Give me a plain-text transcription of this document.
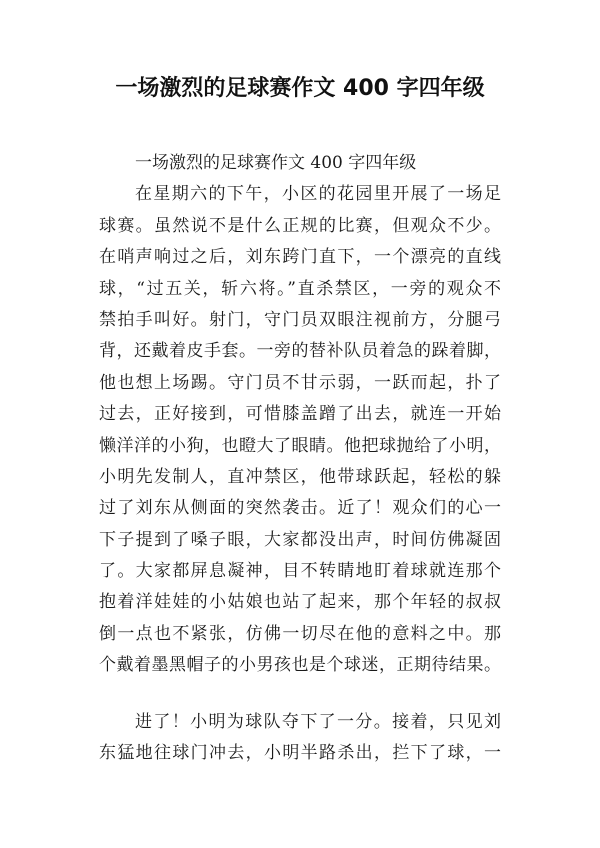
一场激烈的足球赛作文 400 字四年级
一场激烈的足球赛作文 400 字四年级
在星期六的下午，小区的花园里开展了一场足
球赛。虽然说不是什么正规的比赛，但观众不少。
在哨声响过之后，刘东跨门直下，一个漂亮的直线
球，“过五关，斩六将。”直杀禁区，一旁的观众不
禁拍手叫好。射门，守门员双眼注视前方，分腿弓
背，还戴着皮手套。一旁的替补队员着急的跺着脚，
他也想上场踢。守门员不甘示弱，一跃而起，扑了
过去，正好接到，可惜膝盖蹭了出去，就连一开始
懒洋洋的小狗，也瞪大了眼睛。他把球抛给了小明，
小明先发制人，直冲禁区，他带球跃起，轻松的躲
过了刘东从侧面的突然袭击。近了！观众们的心一
下子提到了嗓子眼，大家都没出声，时间仿佛凝固
了。大家都屏息凝神，目不转睛地盯着球就连那个
抱着洋娃娃的小姑娘也站了起来，那个年轻的叔叔
倒一点也不紧张，仿佛一切尽在他的意料之中。那
个戴着墨黑帽子的小男孩也是个球迷，正期待结果。
进了！小明为球队夺下了一分。接着，只见刘
东猛地往球门冲去，小明半路杀出，拦下了球，一
